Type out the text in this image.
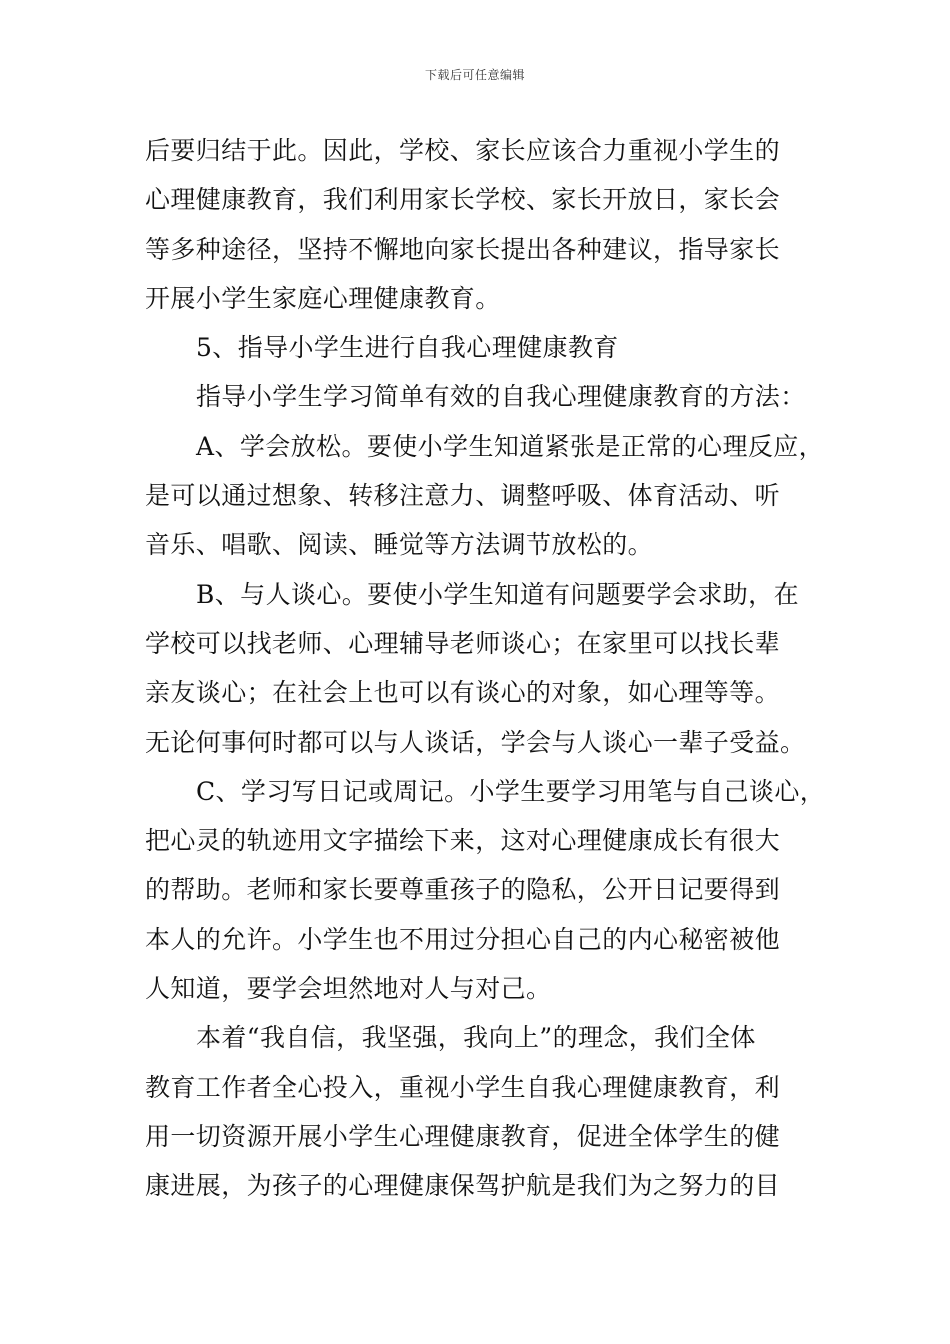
下载后可任意编辑
后要归结于此。因此，学校、家长应该合力重视小学生的
心理健康教育，我们利用家长学校、家长开放日，家长会
等多种途径，坚持不懈地向家长提出各种建议，指导家长
开展小学生家庭心理健康教育。
5、指导小学生进行自我心理健康教育
指导小学生学习简单有效的自我心理健康教育的方法：
A、学会放松。要使小学生知道紧张是正常的心理反应，
是可以通过想象、转移注意力、调整呼吸、体育活动、听
音乐、唱歌、阅读、睡觉等方法调节放松的。
B、与人谈心。要使小学生知道有问题要学会求助，在
学校可以找老师、心理辅导老师谈心；在家里可以找长辈
亲友谈心；在社会上也可以有谈心的对象，如心理等等。
无论何事何时都可以与人谈话，学会与人谈心一辈子受益。
C、学习写日记或周记。小学生要学习用笔与自己谈心，
把心灵的轨迹用文字描绘下来，这对心理健康成长有很大
的帮助。老师和家长要尊重孩子的隐私，公开日记要得到
本人的允许。小学生也不用过分担心自己的内心秘密被他
人知道，要学会坦然地对人与对己。
本着“我自信，我坚强，我向上”的理念，我们全体
教育工作者全心投入，重视小学生自我心理健康教育，利
用一切资源开展小学生心理健康教育，促进全体学生的健
康进展，为孩子的心理健康保驾护航是我们为之努力的目
